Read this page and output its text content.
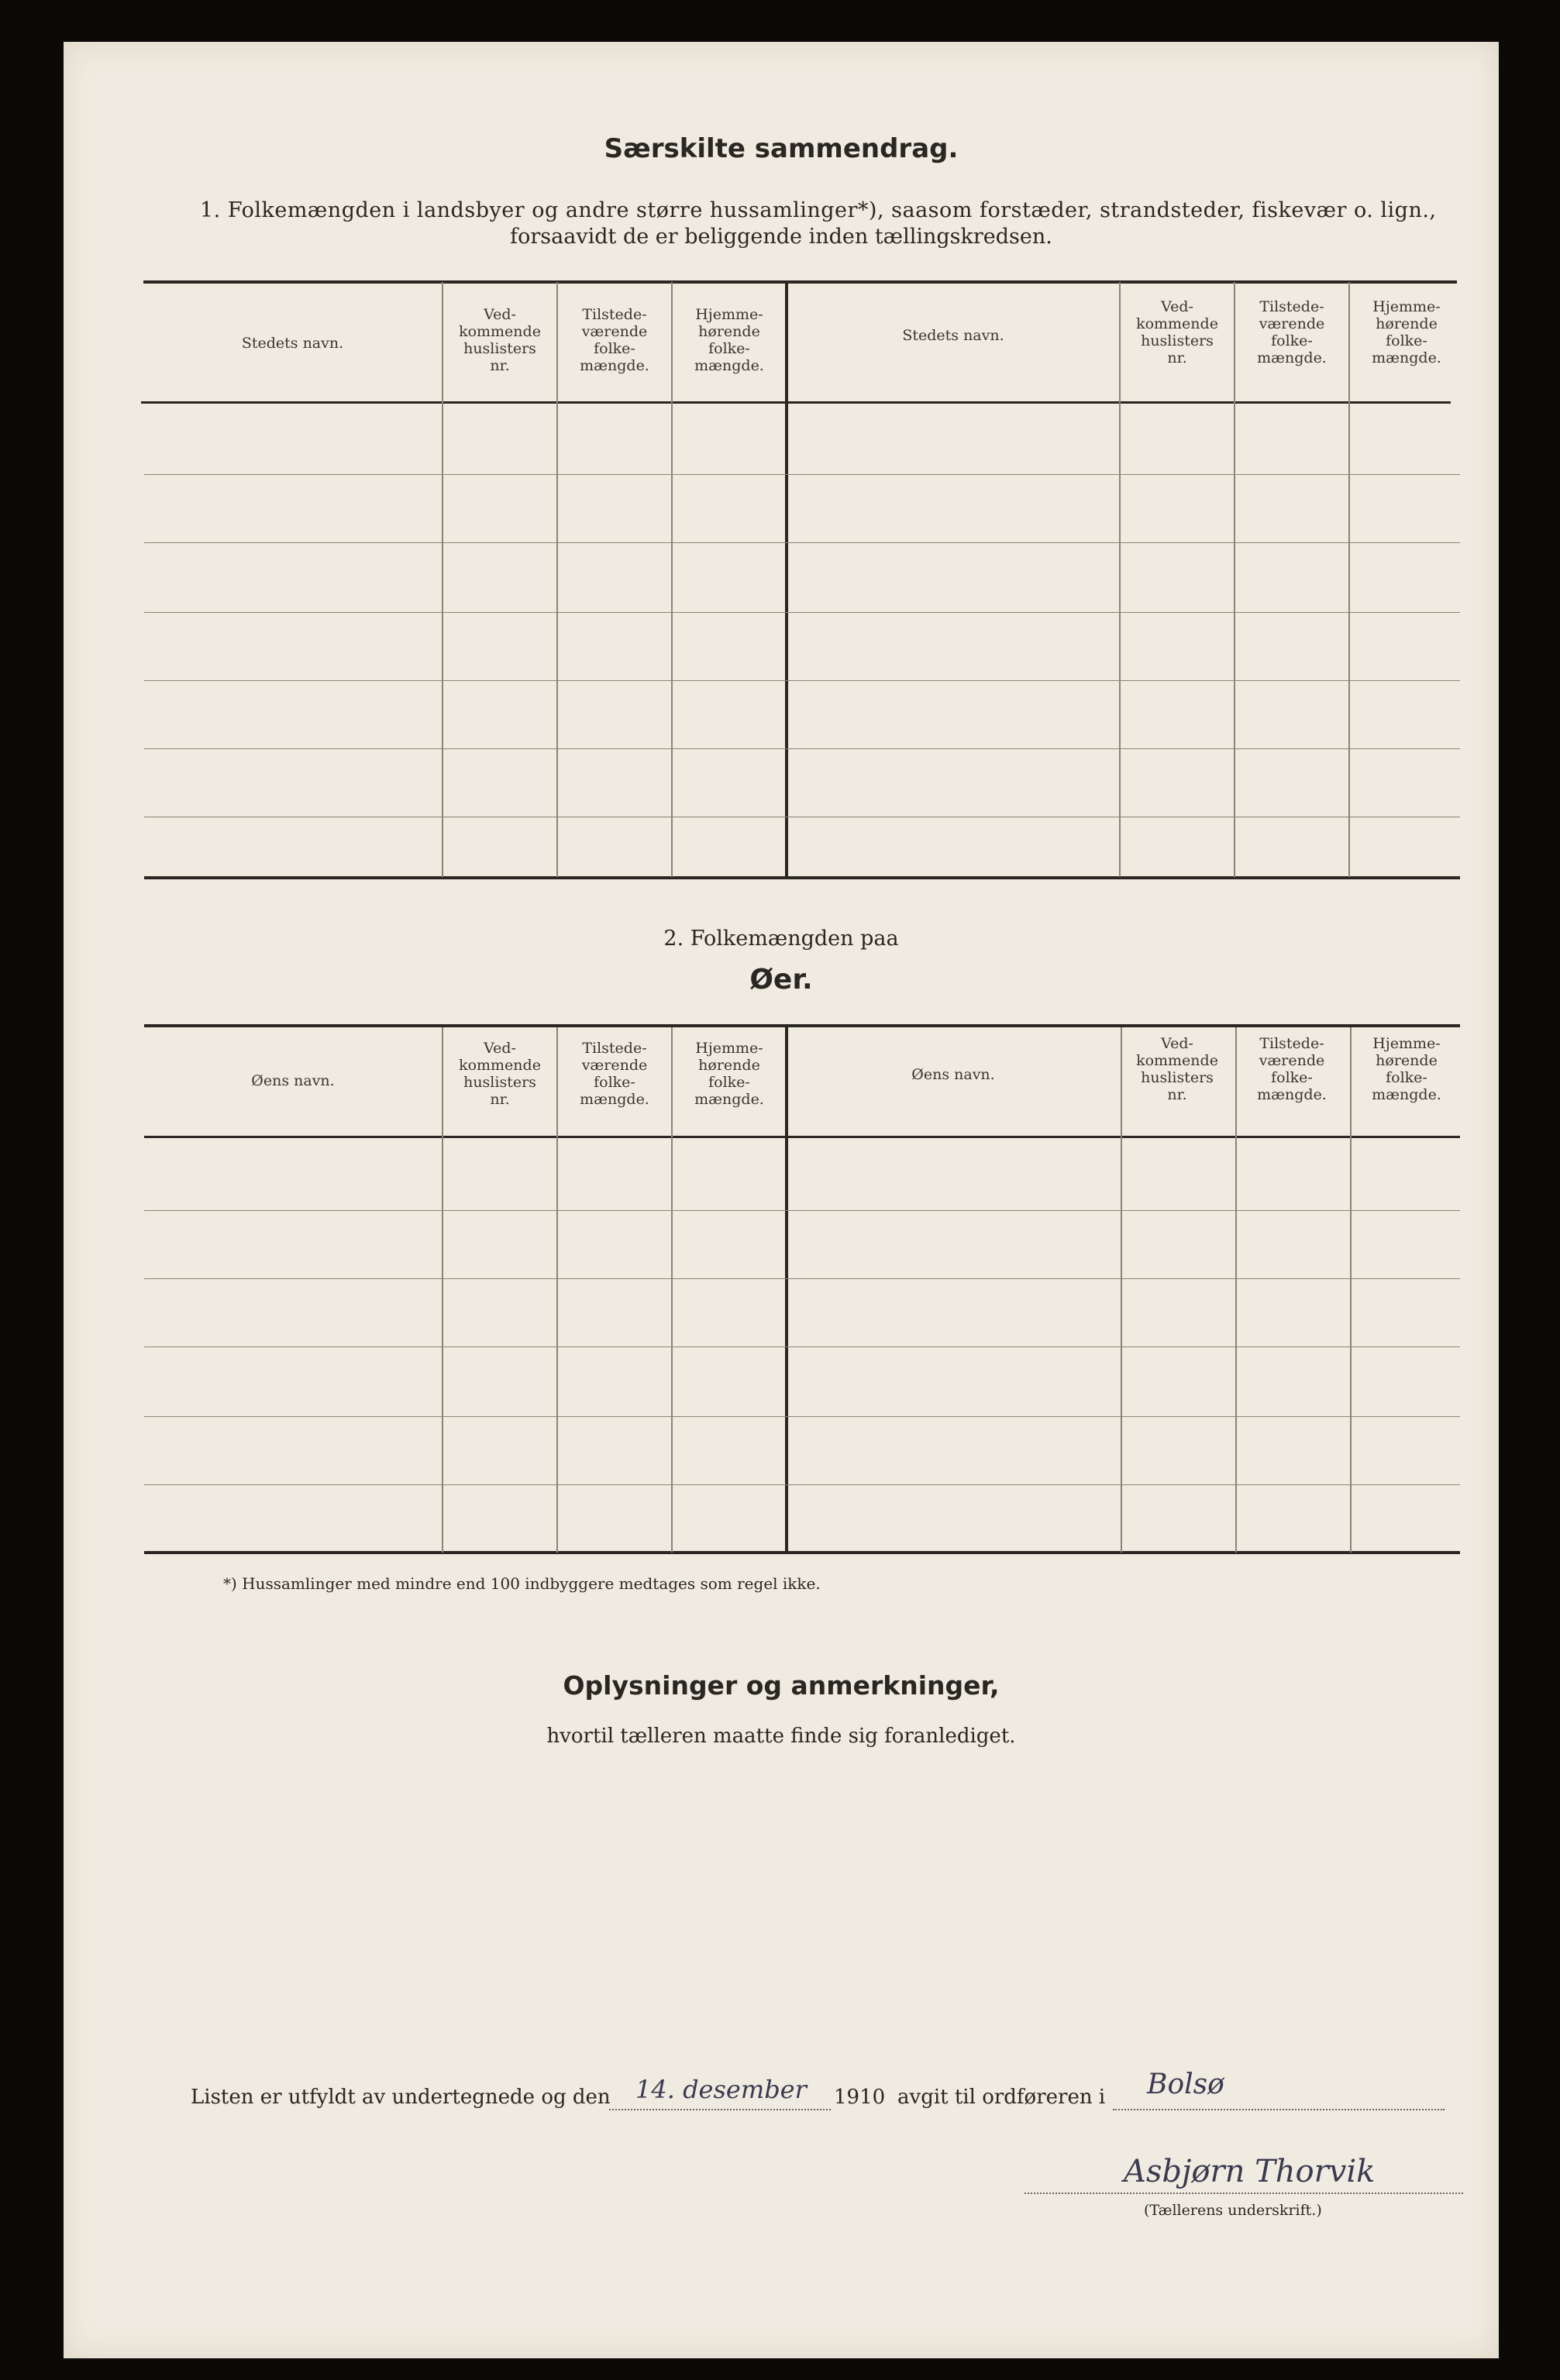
Særskilte sammendrag.
1. Folkemængden i landsbyer og andre større hussamlinger*), saasom forstæder, strandsteder, fiskevær o. lign.,
forsaavidt de er beliggende inden tællingskredsen.
Stedets navn.
Ved-
kommende
huslisters
nr.
Tilstede-
værende
folke-
mængde.
Hjemme-
hørende
folke-
mængde.
Stedets navn.
Ved-
kommende
huslisters
nr.
Tilstede-
værende
folke-
mængde.
Hjemme-
hørende
folke-
mængde.
2. Folkemængden paa
Øer.
Øens navn.
Ved-
kommende
huslisters
nr.
Tilstede-
værende
folke-
mængde.
Hjemme-
hørende
folke-
mængde.
Øens navn.
Ved-
kommende
huslisters
nr.
Tilstede-
værende
folke-
mængde.
Hjemme-
hørende
folke-
mængde.
*) Hussamlinger med mindre end 100 indbyggere medtages som regel ikke.
Oplysninger og anmerkninger,
hvortil tælleren maatte finde sig foranlediget.
Listen er utfyldt av undertegnede og den 14. desember 1910 avgit til ordføreren i Bolsø
Asbjørn Thorvik
(Tællerens underskrift.)
